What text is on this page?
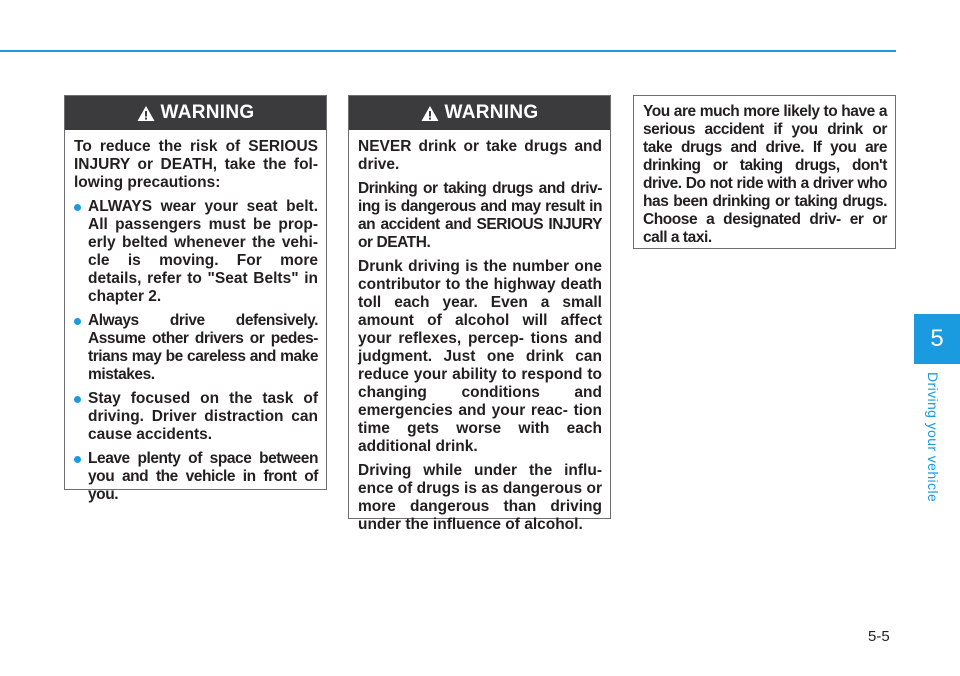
WARNING

To reduce the risk of SERIOUS INJURY or DEATH, take the fol- lowing precautions:

ALWAYS wear your seat belt. All passengers must be prop- erly belted whenever the vehi- cle is moving. For more details, refer to "Seat Belts" in chapter 2.
Always drive defensively. Assume other drivers or pedes- trians may be careless and make mistakes.
Stay focused on the task of driving. Driver distraction can cause accidents.
Leave plenty of space between you and the vehicle in front of you.
WARNING

NEVER drink or take drugs and drive.

Drinking or taking drugs and driv- ing is dangerous and may result in an accident and SERIOUS INJURY or DEATH.

Drunk driving is the number one contributor to the highway death toll each year. Even a small amount of alcohol will affect your reflexes, percep- tions and judgment. Just one drink can reduce your ability to respond to changing conditions and emergencies and your reac- tion time gets worse with each additional drink.

Driving while under the influ- ence of drugs is as dangerous or more dangerous than driving under the influence of alcohol.

You are much more likely to have a serious accident if you drink or take drugs and drive. If you are drinking or taking drugs, don't drive. Do not ride with a driver who has been drinking or taking drugs. Choose a designated driv- er or call a taxi.

5
Driving your vehicle
5-5
